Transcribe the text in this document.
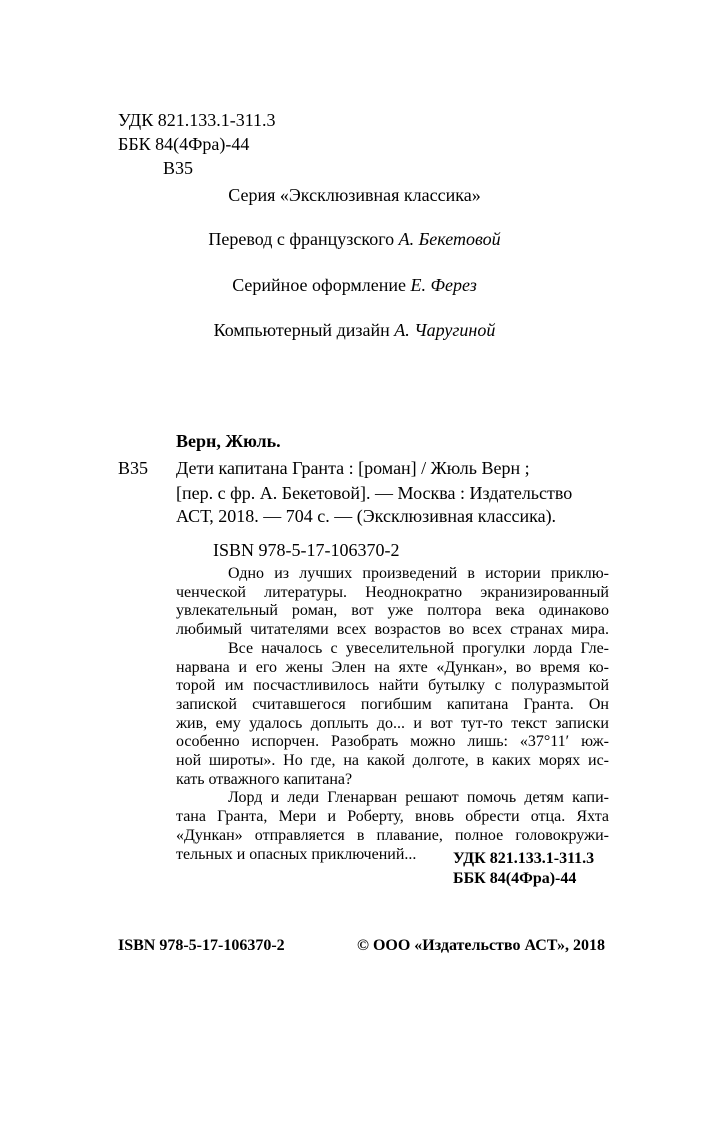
УДК 821.133.1-311.3
ББК 84(4Фра)-44
В35
Серия «Эксклюзивная классика»
Перевод с французского А. Бекетовой
Серийное оформление Е. Ферез
Компьютерный дизайн А. Чаругиной
Верн, Жюль.
В35 Дети капитана Гранта : [роман] / Жюль Верн ;
[пер. с фр. А. Бекетовой]. — Москва : Издательство
АСТ, 2018. — 704 с. — (Эксклюзивная классика).
ISBN 978-5-17-106370-2

Одно из лучших произведений в истории приклю-

ченческой литературы. Неоднократно экранизированный

увлекательный роман, вот уже полтора века одинаково

любимый читателями всех возрастов во всех странах мира.

Все началось с увеселительной прогулки лорда Гле-

нарвана и его жены Элен на яхте «Дункан», во время ко-

торой им посчастливилось найти бутылку с полуразмытой

запиской считавшегося погибшим капитана Гранта. Он

жив, ему удалось доплыть до... и вот тут-то текст записки

особенно испорчен. Разобрать можно лишь: «37°11′ юж-

ной широты». Но где, на какой долготе, в каких морях ис-

кать отважного капитана?

Лорд и леди Гленарван решают помочь детям капи-

тана Гранта, Мери и Роберту, вновь обрести отца. Яхта

«Дункан» отправляется в плавание, полное головокружи-

тельных и опасных приключений...	УДК 821.133.1-311.3
ББК 84(4Фра)-44
ISBN 978-5-17-106370-2	© ООО «Издательство АСТ», 2018
